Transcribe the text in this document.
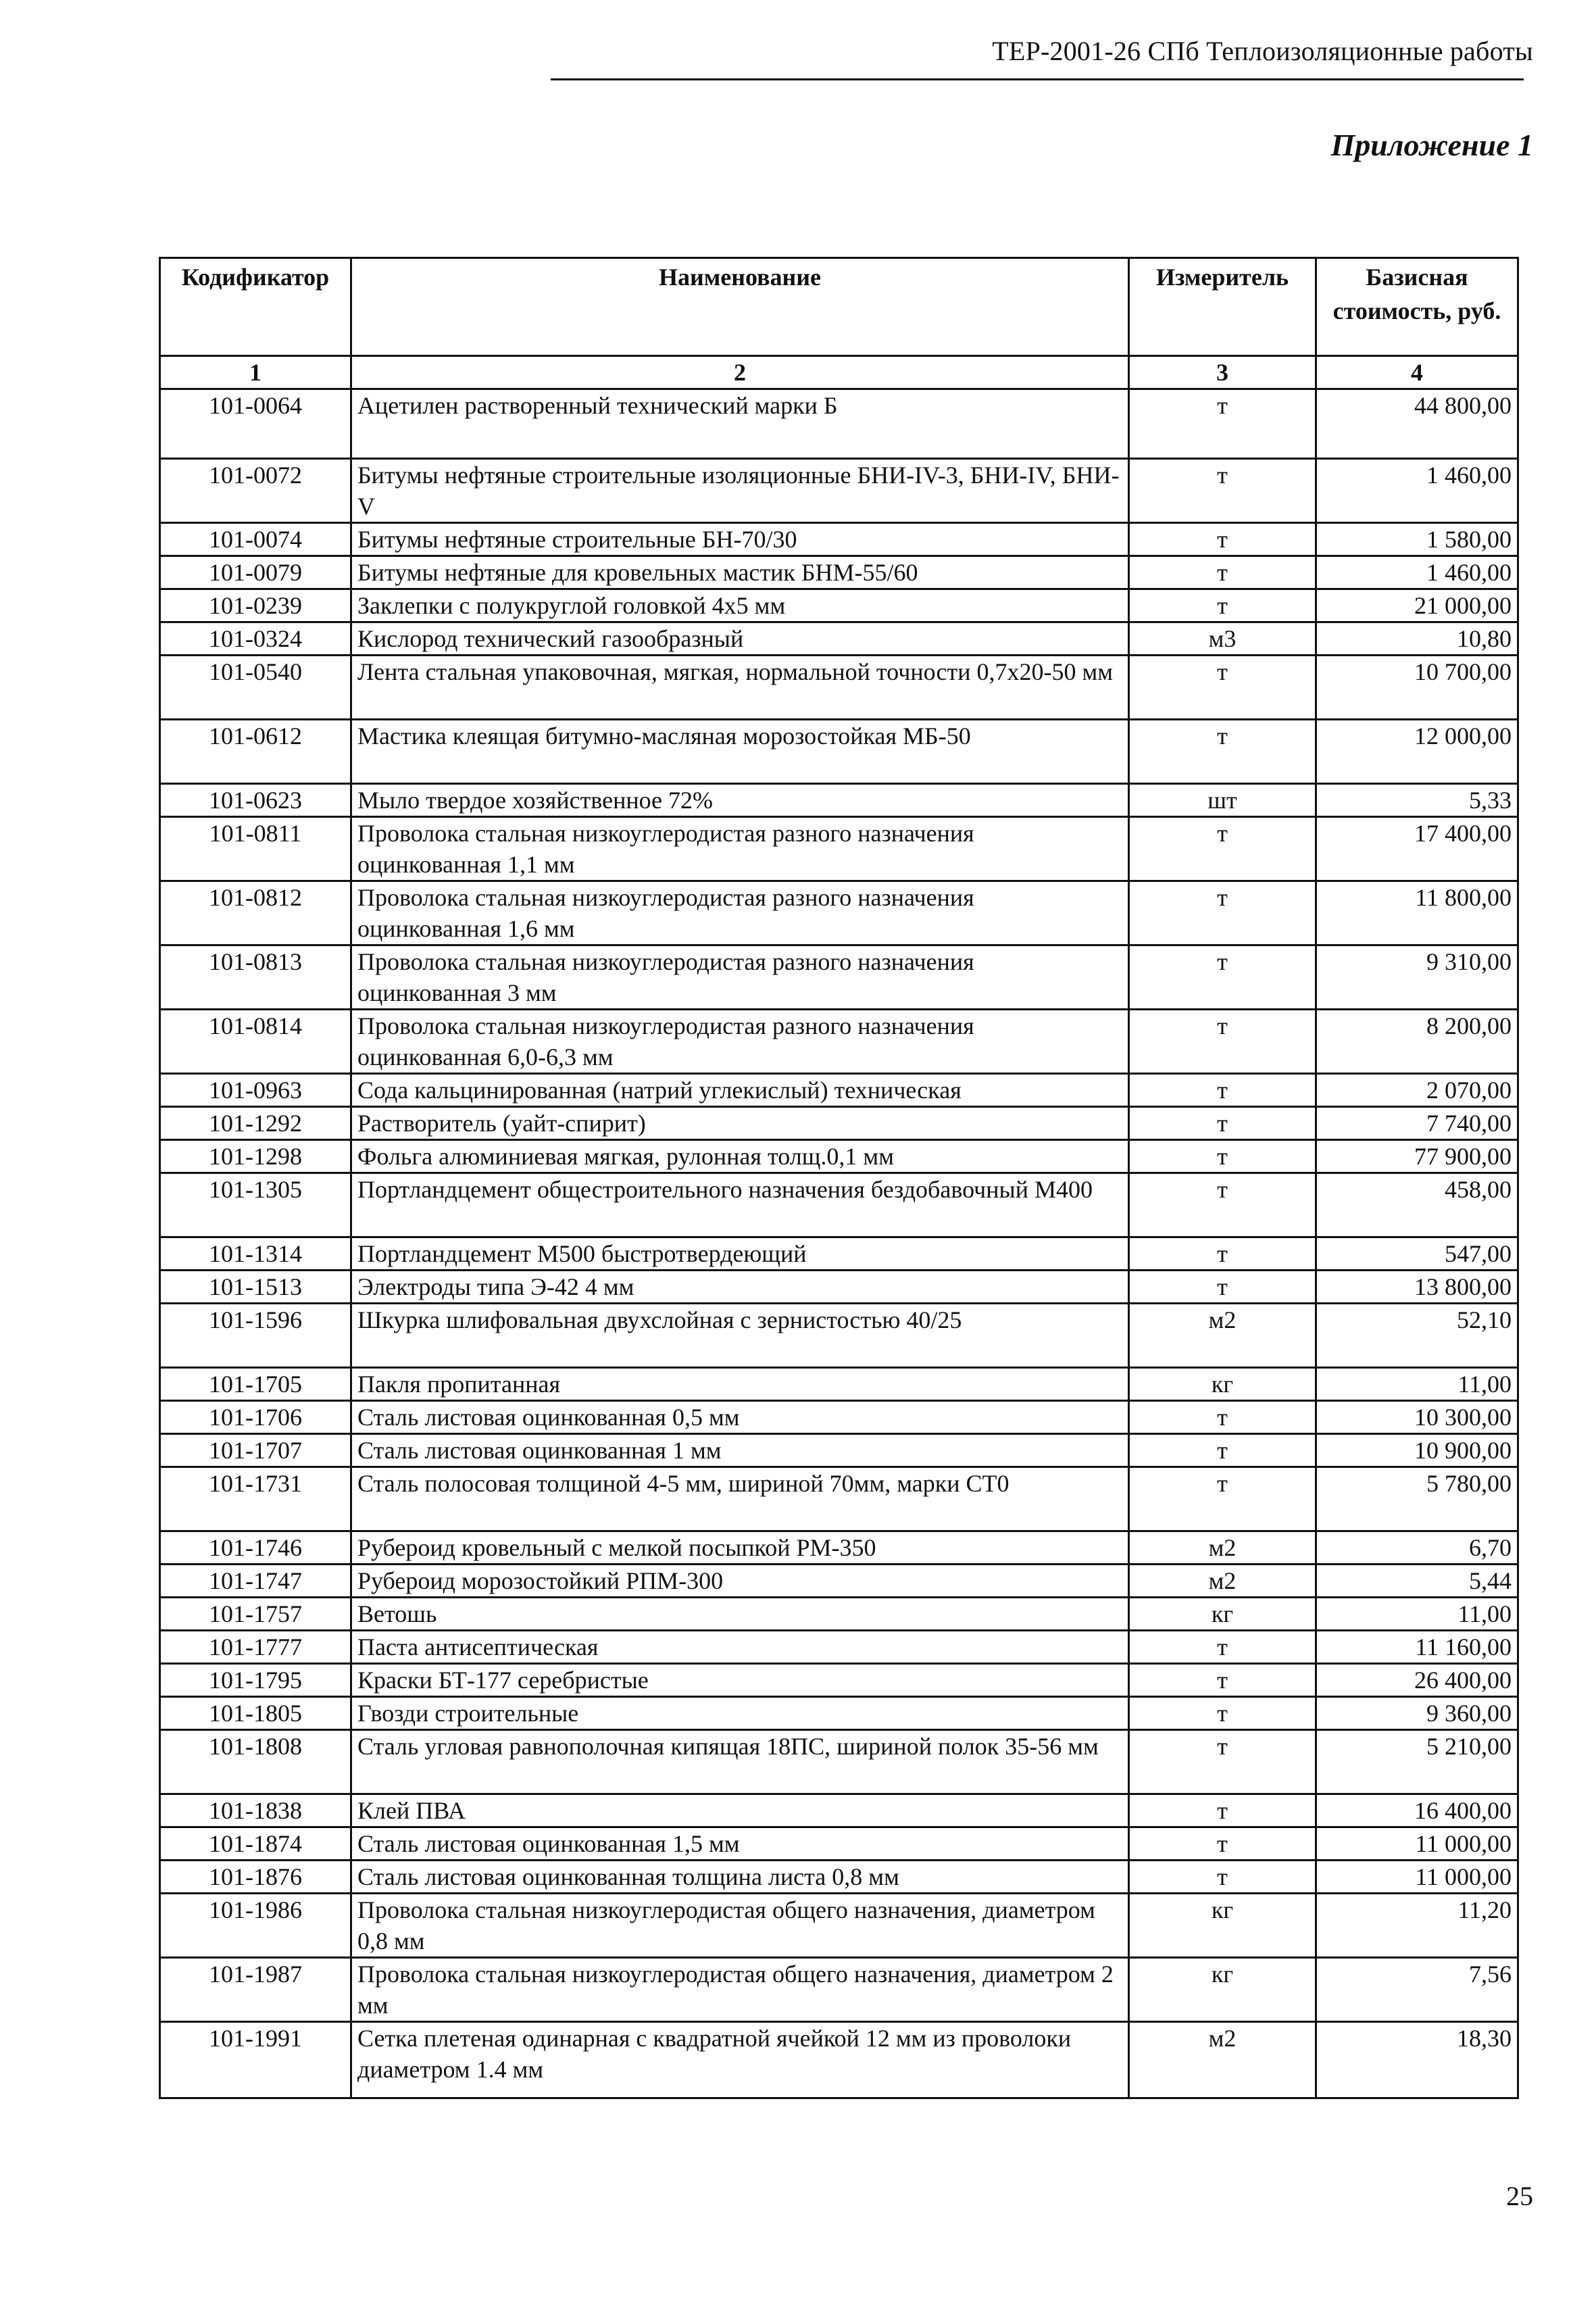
ТЕР-2001-26 СПб Теплоизоляционные работы
Приложение 1
Кодификатор	Наименование	Измеритель	Базисная стоимость, руб.
1	2	3	4
101-0064	Ацетилен растворенный технический марки Б	т	44 800,00
101-0072	Битумы нефтяные строительные изоляционные БНИ-IV-3, БНИ-IV, БНИ-V	т	1 460,00
101-0074	Битумы нефтяные строительные БН-70/30	т	1 580,00
101-0079	Битумы нефтяные для кровельных мастик БНМ-55/60	т	1 460,00
101-0239	Заклепки с полукруглой головкой 4х5 мм	т	21 000,00
101-0324	Кислород технический газообразный	м3	10,80
101-0540	Лента стальная упаковочная, мягкая, нормальной точности 0,7х20-50 мм	т	10 700,00
101-0612	Мастика клеящая битумно-масляная морозостойкая МБ-50	т	12 000,00
101-0623	Мыло твердое хозяйственное 72%	шт	5,33
101-0811	Проволока стальная низкоуглеродистая разного назначения оцинкованная 1,1 мм	т	17 400,00
101-0812	Проволока стальная низкоуглеродистая разного назначения оцинкованная 1,6 мм	т	11 800,00
101-0813	Проволока стальная низкоуглеродистая разного назначения оцинкованная 3 мм	т	9 310,00
101-0814	Проволока стальная низкоуглеродистая разного назначения оцинкованная 6,0-6,3 мм	т	8 200,00
101-0963	Сода кальцинированная (натрий углекислый) техническая	т	2 070,00
101-1292	Растворитель (уайт-спирит)	т	7 740,00
101-1298	Фольга алюминиевая мягкая, рулонная толщ.0,1 мм	т	77 900,00
101-1305	Портландцемент общестроительного назначения бездобавочный М400	т	458,00
101-1314	Портландцемент М500 быстротвердеющий	т	547,00
101-1513	Электроды типа Э-42 4 мм	т	13 800,00
101-1596	Шкурка шлифовальная двухслойная с зернистостью 40/25	м2	52,10
101-1705	Пакля пропитанная	кг	11,00
101-1706	Сталь листовая оцинкованная 0,5 мм	т	10 300,00
101-1707	Сталь листовая оцинкованная 1 мм	т	10 900,00
101-1731	Сталь полосовая толщиной 4-5 мм, шириной 70мм, марки СТ0	т	5 780,00
101-1746	Рубероид кровельный с мелкой посыпкой РМ-350	м2	6,70
101-1747	Рубероид морозостойкий РПМ-300	м2	5,44
101-1757	Ветошь	кг	11,00
101-1777	Паста антисептическая	т	11 160,00
101-1795	Краски БТ-177 серебристые	т	26 400,00
101-1805	Гвозди строительные	т	9 360,00
101-1808	Сталь угловая равнополочная кипящая 18ПС, шириной полок 35-56 мм	т	5 210,00
101-1838	Клей ПВА	т	16 400,00
101-1874	Сталь листовая оцинкованная 1,5 мм	т	11 000,00
101-1876	Сталь листовая оцинкованная толщина листа 0,8 мм	т	11 000,00
101-1986	Проволока стальная низкоуглеродистая общего назначения, диаметром 0,8 мм	кг	11,20
101-1987	Проволока стальная низкоуглеродистая общего назначения, диаметром 2 мм	кг	7,56
101-1991	Сетка плетеная одинарная с квадратной ячейкой 12 мм из проволоки диаметром 1.4 мм	м2	18,30
25
